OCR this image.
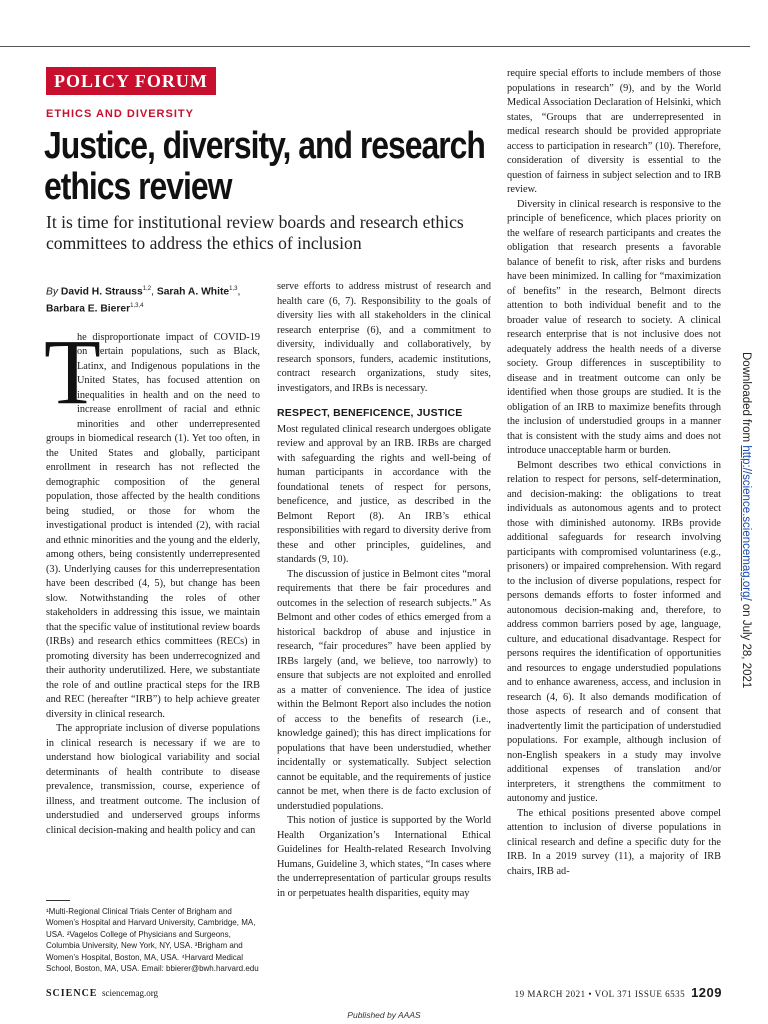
POLICY FORUM
ETHICS AND DIVERSITY
Justice, diversity, and research ethics review
It is time for institutional review boards and research ethics committees to address the ethics of inclusion
By David H. Strauss$^{1,2}$, Sarah A. White$^{1,3}$,
Barbara E. Bierer$^{1,3,4}$

T
he disproportionate impact of COVID-19 on certain populations, such as Black, Latinx, and Indigenous populations in the United States, has focused attention on inequalities in health and on the need to increase enrollment of racial and ethnic minorities and other underrepresented groups in biomedical research (1). Yet too often, in the United States and globally, participant enrollment in research has not reflected the demographic composition of the general population, those affected by the health conditions being studied, or those for whom the investigational product is intended (2), with racial and ethnic minorities and the young and the elderly, among others, being consistently underrepresented (3). Underlying causes for this underrepresentation have been described (4, 5), but change has been slow. Notwithstanding the roles of other stakeholders in addressing this issue, we maintain that the specific value of institutional review boards (IRBs) and research ethics committees (RECs) in promoting diversity has been underrecognized and their authority underutilized. Here, we substantiate the role of and outline practical steps for the IRB and REC (hereafter “IRB”) to help achieve greater diversity in clinical research.

The appropriate inclusion of diverse populations in clinical research is necessary if we are to understand how biological variability and social determinants of health contribute to disease prevalence, transmission, course, experience of illness, and treatment outcome. The inclusion of understudied and underserved groups informs clinical decision-making and health policy and can

serve efforts to address mistrust of research and health care (6, 7). Responsibility to the goals of diversity lies with all stakeholders in the clinical research enterprise (6), and a commitment to diversity, individually and collaboratively, by research sponsors, funders, academic institutions, contract research organizations, study sites, investigators, and IRBs is necessary.

RESPECT, BENEFICENCE, JUSTICE

Most regulated clinical research undergoes obligate review and approval by an IRB. IRBs are charged with safeguarding the rights and well-being of human participants in accordance with the foundational tenets of respect for persons, beneficence, and justice, as described in the Belmont Report (8). An IRB’s ethical responsibilities with regard to diversity derive from these and other principles, guidelines, and standards (9, 10).

The discussion of justice in Belmont cites “moral requirements that there be fair procedures and outcomes in the selection of research subjects.” As Belmont and other codes of ethics emerged from a historical backdrop of abuse and injustice in research, “fair procedures” have been applied by IRBs largely (and, we believe, too narrowly) to ensure that subjects are not exploited and enrolled as a matter of convenience. The idea of justice within the Belmont Report also includes the notion of access to the benefits of research (i.e., knowledge gained); this has direct implications for populations that have been understudied, whether incidentally or systematically. Subject selection cannot be equitable, and the requirements of justice cannot be met, when there is de facto exclusion of understudied populations.

This notion of justice is supported by the World Health Organization’s International Ethical Guidelines for Health-related Research Involving Humans, Guideline 3, which states, “In cases where the underrepresentation of particular groups results in or perpetuates health disparities, equity may

require special efforts to include members of those populations in research” (9), and by the World Medical Association Declaration of Helsinki, which states, “Groups that are underrepresented in medical research should be provided appropriate access to participation in research” (10). Therefore, consideration of diversity is essential to the question of fairness in subject selection and to IRB review.

Diversity in clinical research is responsive to the principle of beneficence, which places priority on the welfare of research participants and creates the obligation that research presents a favorable balance of benefit to risk, after risks and burdens have been minimized. In calling for “maximization of benefits” in the research, Belmont directs attention to both individual benefit and to the broader value of research to society. A clinical research enterprise that is not inclusive does not adequately address the health needs of a diverse society. Group differences in susceptibility to disease and in treatment outcome can only be identified when those groups are studied. It is the obligation of an IRB to maximize benefits through the inclusion of understudied groups in a manner that is consistent with the study aims and does not introduce unacceptable harm or burden.

Belmont describes two ethical convictions in relation to respect for persons, self-determination, and decision-making: the obligations to treat individuals as autonomous agents and to protect those with diminished autonomy. IRBs provide additional safeguards for research involving participants with compromised voluntariness (e.g., prisoners) or impaired comprehension. With regard to the inclusion of diverse populations, respect for persons demands efforts to foster informed and autonomous decision-making and, therefore, to address common barriers posed by age, language, culture, and educational disadvantage. Respect for persons requires the identification of opportunities and resources to engage understudied populations and to enhance awareness, access, and inclusion in research (4, 6). It also demands modification of those aspects of research and of consent that inadvertently limit the participation of understudied populations. For example, although inclusion of non-English speakers in a study may involve additional expenses of translation and/or interpreters, it strengthens the commitment to autonomy and justice.

The ethical positions presented above compel attention to inclusion of diverse populations in clinical research and define a specific duty for the IRB. In a 2019 survey (11), a majority of IRB chairs, IRB ad-

¹Multi-Regional Clinical Trials Center of Brigham and Women’s Hospital and Harvard University, Cambridge, MA, USA. ²Vagelos College of Physicians and Surgeons, Columbia University, New York, NY, USA. ³Brigham and Women’s Hospital, Boston, MA, USA. ⁴Harvard Medical School, Boston, MA, USA. Email: bbierer@bwh.harvard.edu
Downloaded from http://science.sciencemag.org/ on July 28, 2021
SCIENCE sciencemag.org	19 MARCH 2021 • VOL 371 ISSUE 6535 1209
Published by AAAS
